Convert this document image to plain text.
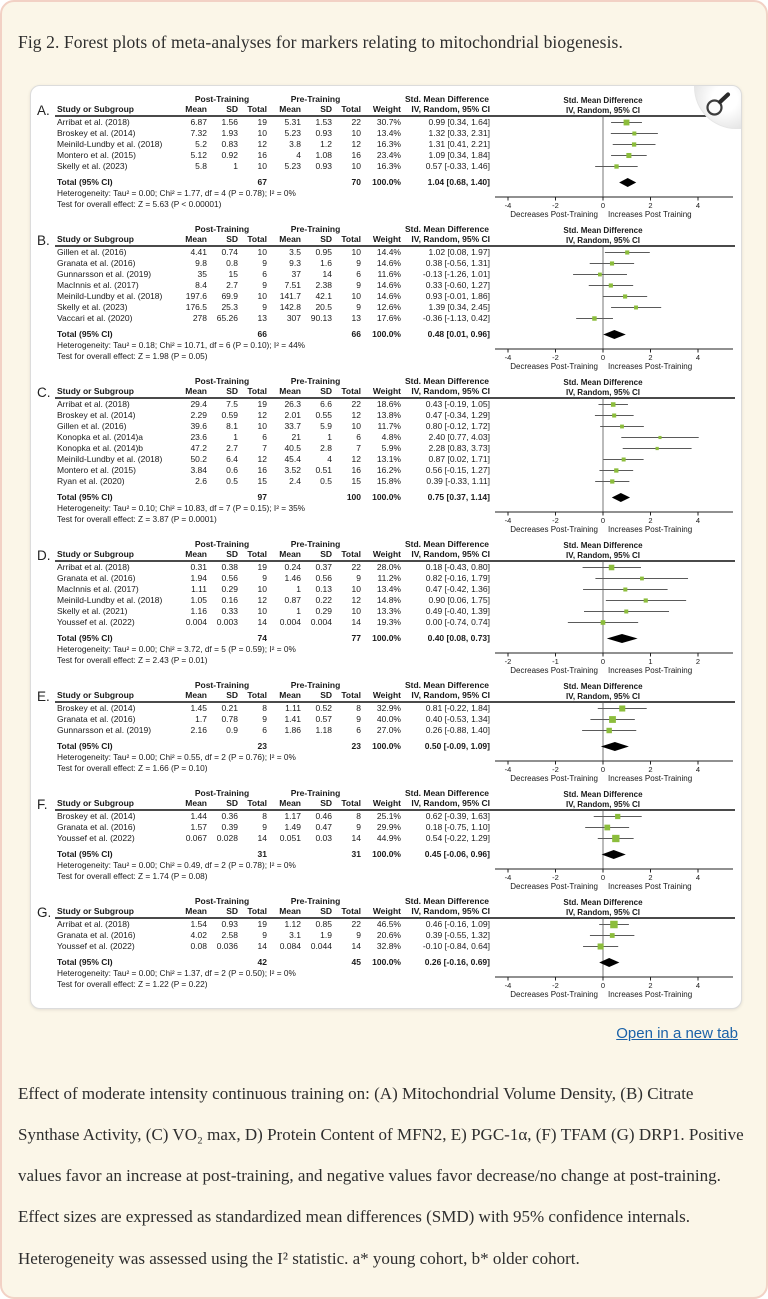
Fig 2. Forest plots of meta-analyses for markers relating to mitochondrial biogenesis.
A.
Post-Training	Pre-Training	Std. Mean Difference
Study or Subgroup	Mean	SD	Total	Mean	SD	Total	Weight	IV, Random, 95% CI
Arribat et al. (2018)	6.87	1.56	19	5.31	1.53	22	30.7%	0.99 [0.34, 1.64]
Broskey et al. (2014)	7.32	1.93	10	5.23	0.93	10	13.4%	1.32 [0.33, 2.31]
Meinild-Lundby et al. (2018)	5.2	0.83	12	3.8	1.2	12	16.3%	1.31 [0.41, 2.21]
Montero et al. (2015)	5.12	0.92	16	4	1.08	16	23.4%	1.09 [0.34, 1.84]
Skelly et al. (2023)	5.8	1	10	5.23	0.93	10	16.3%	0.57 [-0.33, 1.46]
Total (95% CI)	67	70	100.0%	1.04 [0.68, 1.40]
Heterogeneity: Tau² = 0.00; Chi² = 1.77, df = 4 (P = 0.78); I² = 0%
Test for overall effect: Z = 5.63 (P < 0.00001)
Std. Mean Difference
IV, Random, 95% CI
-4	-2	0	2	4
Decreases Post-Training Increases Post Training
B.
Post-Training	Pre-Training	Std. Mean Difference
Study or Subgroup	Mean	SD	Total	Mean	SD	Total	Weight	IV, Random, 95% CI
Gillen et al. (2016)	4.41	0.74	10	3.5	0.95	10	14.4%	1.02 [0.08, 1.97]
Granata et al. (2016)	9.8	0.8	9	9.3	1.6	9	14.6%	0.38 [-0.56, 1.31]
Gunnarsson et al. (2019)	35	15	6	37	14	6	11.6%	-0.13 [-1.26, 1.01]
MacInnis et al. (2017)	8.4	2.7	9	7.51	2.38	9	14.6%	0.33 [-0.60, 1.27]
Meinild-Lundby et al. (2018)	197.6	69.9	10	141.7	42.1	10	14.6%	0.93 [-0.01, 1.86]
Skelly et al. (2023)	176.5	25.3	9	142.8	20.5	9	12.6%	1.39 [0.34, 2.45]
Vaccari et al. (2020)	278	65.26	13	307	90.13	13	17.6%	-0.36 [-1.13, 0.42]
Total (95% CI)	66	66	100.0%	0.48 [0.01, 0.96]
Heterogeneity: Tau² = 0.18; Chi² = 10.71, df = 6 (P = 0.10); I² = 44%
Test for overall effect: Z = 1.98 (P = 0.05)
Std. Mean Difference
IV, Random, 95% CI
-4	-2	0	2	4
Decreases Post-Training Increases Post-Training
C.
Post-Training	Pre-Training	Std. Mean Difference
Study or Subgroup	Mean	SD	Total	Mean	SD	Total	Weight	IV, Random, 95% CI
Arribat et al. (2018)	29.4	7.5	19	26.3	6.6	22	18.6%	0.43 [-0.19, 1.05]
Broskey et al. (2014)	2.29	0.59	12	2.01	0.55	12	13.8%	0.47 [-0.34, 1.29]
Gillen et al. (2016)	39.6	8.1	10	33.7	5.9	10	11.7%	0.80 [-0.12, 1.72]
Konopka et al. (2014)a	23.6	1	6	21	1	6	4.8%	2.40 [0.77, 4.03]
Konopka et al. (2014)b	47.2	2.7	7	40.5	2.8	7	5.9%	2.28 [0.83, 3.73]
Meinild-Lundby et al. (2018)	50.2	6.4	12	45.4	4	12	13.1%	0.87 [0.02, 1.71]
Montero et al. (2015)	3.84	0.6	16	3.52	0.51	16	16.2%	0.56 [-0.15, 1.27]
Ryan et al. (2020)	2.6	0.5	15	2.4	0.5	15	15.8%	0.39 [-0.33, 1.11]
Total (95% CI)	97	100	100.0%	0.75 [0.37, 1.14]
Heterogeneity: Tau² = 0.10; Chi² = 10.83, df = 7 (P = 0.15); I² = 35%
Test for overall effect: Z = 3.87 (P = 0.0001)
Std. Mean Difference
IV, Random, 95% CI
-4	-2	0	2	4
Decreases Post-Training Increases Post-Training
D.
Post-Training	Pre-Training	Std. Mean Difference
Study or Subgroup	Mean	SD	Total	Mean	SD	Total	Weight	IV, Random, 95% CI
Arribat et al. (2018)	0.31	0.38	19	0.24	0.37	22	28.0%	0.18 [-0.43, 0.80]
Granata et al. (2016)	1.94	0.56	9	1.46	0.56	9	11.2%	0.82 [-0.16, 1.79]
MacInnis et al. (2017)	1.11	0.29	10	1	0.13	10	13.4%	0.47 [-0.42, 1.36]
Meinild-Lundby et al. (2018)	1.05	0.16	12	0.87	0.22	12	14.8%	0.90 [0.06, 1.75]
Skelly et al. (2021)	1.16	0.33	10	1	0.29	10	13.3%	0.49 [-0.40, 1.39]
Youssef et al. (2022)	0.004	0.003	14	0.004	0.004	14	19.3%	0.00 [-0.74, 0.74]
Total (95% CI)	74	77	100.0%	0.40 [0.08, 0.73]
Heterogeneity: Tau² = 0.00; Chi² = 3.72, df = 5 (P = 0.59); I² = 0%
Test for overall effect: Z = 2.43 (P = 0.01)
Std. Mean Difference
IV, Random, 95% CI
-2	-1	0	1	2
Decreases Post-Training Increases Post-Training
E.
Post-Training	Pre-Training	Std. Mean Difference
Study or Subgroup	Mean	SD	Total	Mean	SD	Total	Weight	IV, Random, 95% CI
Broskey et al. (2014)	1.45	0.21	8	1.11	0.52	8	32.9%	0.81 [-0.22, 1.84]
Granata et al. (2016)	1.7	0.78	9	1.41	0.57	9	40.0%	0.40 [-0.53, 1.34]
Gunnarsson et al. (2019)	2.16	0.9	6	1.86	1.18	6	27.0%	0.26 [-0.88, 1.40]
Total (95% CI)	23	23	100.0%	0.50 [-0.09, 1.09]
Heterogeneity: Tau² = 0.00; Chi² = 0.55, df = 2 (P = 0.76); I² = 0%
Test for overall effect: Z = 1.66 (P = 0.10)
Std. Mean Difference
IV, Random, 95% CI
-4	-2	0	2	4
Decreases Post-Training Increases Post-Training
F.
Post-Training	Pre-Training	Std. Mean Difference
Study or Subgroup	Mean	SD	Total	Mean	SD	Total	Weight	IV, Random, 95% CI
Broskey et al. (2014)	1.44	0.36	8	1.17	0.46	8	25.1%	0.62 [-0.39, 1.63]
Granata et al. (2016)	1.57	0.39	9	1.49	0.47	9	29.9%	0.18 [-0.75, 1.10]
Youssef et al. (2022)	0.067	0.028	14	0.051	0.03	14	44.9%	0.54 [-0.22, 1.29]
Total (95% CI)	31	31	100.0%	0.45 [-0.06, 0.96]
Heterogeneity: Tau² = 0.00; Chi² = 0.49, df = 2 (P = 0.78); I² = 0%
Test for overall effect: Z = 1.74 (P = 0.08)
Std. Mean Difference
IV, Random, 95% CI
-4	-2	0	2	4
Decreases Post-Training Increases Post Training
G.
Post-Training	Pre-Training	Std. Mean Difference
Study or Subgroup	Mean	SD	Total	Mean	SD	Total	Weight	IV, Random, 95% CI
Arribat et al. (2018)	1.54	0.93	19	1.12	0.85	22	46.5%	0.46 [-0.16, 1.09]
Granata et al. (2016)	4.02	2.58	9	3.1	1.9	9	20.6%	0.39 [-0.55, 1.32]
Youssef et al. (2022)	0.08	0.036	14	0.084	0.044	14	32.8%	-0.10 [-0.84, 0.64]
Total (95% CI)	42	45	100.0%	0.26 [-0.16, 0.69]
Heterogeneity: Tau² = 0.00; Chi² = 1.37, df = 2 (P = 0.50); I² = 0%
Test for overall effect: Z = 1.22 (P = 0.22)
Std. Mean Difference
IV, Random, 95% CI
-4	-2	0	2	4
Decreases Post-Training Increases Post-Training
Open in a new tab

Effect of moderate intensity continuous training on: (A) Mitochondrial Volume Density, (B) Citrate Synthase Activity, (C) VO₂ max, D) Protein Content of MFN2, E) PGC-1α, (F) TFAM (G) DRP1. Positive values favor an increase at post-training, and negative values favor decrease/no change at post-training. Effect sizes are expressed as standardized mean differences (SMD) with 95% confidence internals. Heterogeneity was assessed using the I² statistic. a* young cohort, b* older cohort.
